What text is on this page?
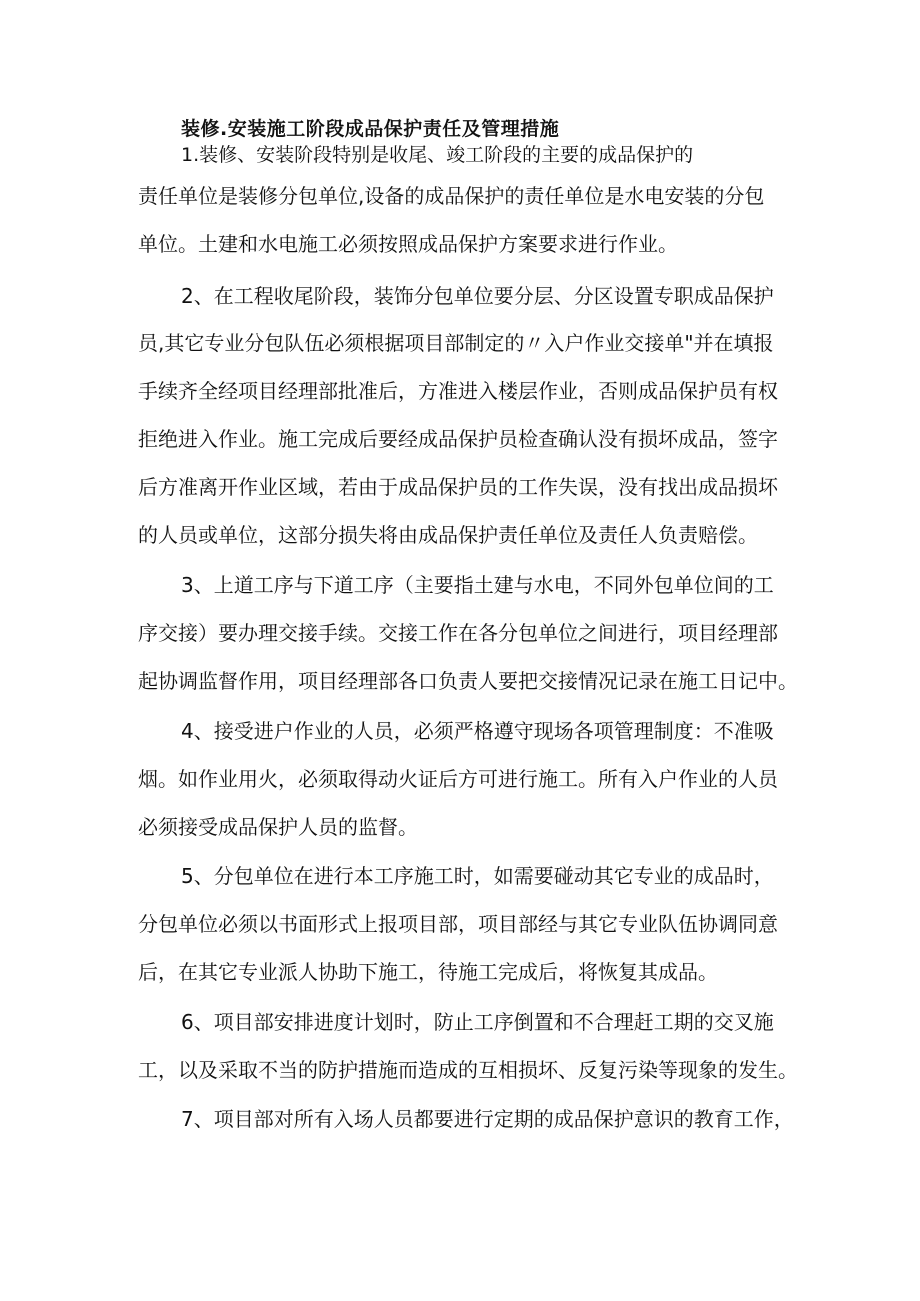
装修.安装施工阶段成品保护责任及管理措施
1.装修、安装阶段特别是收尾、竣工阶段的主要的成品保护的
责任单位是装修分包单位,设备的成品保护的责任单位是水电安装的分包
单位。土建和水电施工必须按照成品保护方案要求进行作业。
2、在工程收尾阶段，装饰分包单位要分层、分区设置专职成品保护
员,其它专业分包队伍必须根据项目部制定的〃入户作业交接单"并在填报
手续齐全经项目经理部批准后，方准进入楼层作业，否则成品保护员有权
拒绝进入作业。施工完成后要经成品保护员检查确认没有损坏成品，签字
后方准离开作业区域，若由于成品保护员的工作失误，没有找出成品损坏
的人员或单位，这部分损失将由成品保护责任单位及责任人负责赔偿。
3、上道工序与下道工序（主要指土建与水电，不同外包单位间的工
序交接）要办理交接手续。交接工作在各分包单位之间进行，项目经理部
起协调监督作用，项目经理部各口负责人要把交接情况记录在施工日记中。
4、接受进户作业的人员，必须严格遵守现场各项管理制度：不准吸
烟。如作业用火，必须取得动火证后方可进行施工。所有入户作业的人员
必须接受成品保护人员的监督。
5、分包单位在进行本工序施工时，如需要碰动其它专业的成品时，
分包单位必须以书面形式上报项目部，项目部经与其它专业队伍协调同意
后，在其它专业派人协助下施工，待施工完成后，将恢复其成品。
6、项目部安排进度计划时，防止工序倒置和不合理赶工期的交叉施
工，以及采取不当的防护措施而造成的互相损坏、反复污染等现象的发生。
7、项目部对所有入场人员都要进行定期的成品保护意识的教育工作，
